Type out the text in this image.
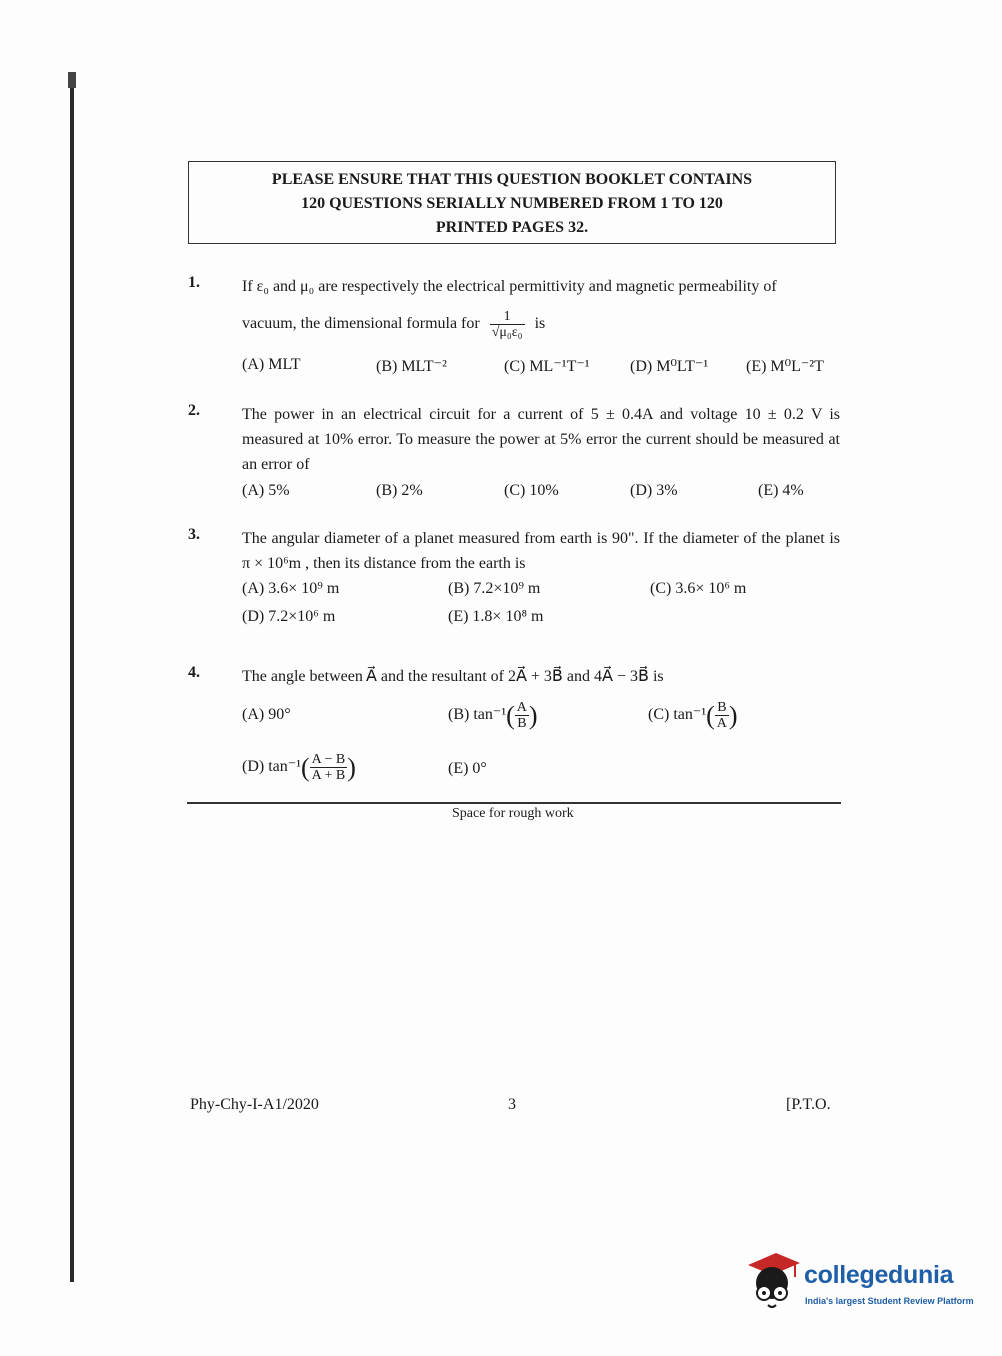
PLEASE ENSURE THAT THIS QUESTION BOOKLET CONTAINS
120 QUESTIONS SERIALLY NUMBERED FROM 1 TO 120
PRINTED PAGES 32.
1.	If ε₀ and μ₀ are respectively the electrical permittivity and magnetic permeability of
vacuum, the dimensional formula for $\frac{1}{\text{√μ₀ε₀}}$ is
(A) MLT	(B) MLT⁻²	(C) ML⁻¹T⁻¹	(D) M⁰LT⁻¹ (E) M⁰L⁻²T
2.	The power in an electrical circuit for a current of 5 ± 0.4A and voltage 10 ± 0.2 V is measured at 10% error. To measure the power at 5% error the current should be measured at an error of
(A) 5%	(B) 2%	(C) 10%	(D) 3%	(E) 4%
3.	The angular diameter of a planet measured from earth is 90". If the diameter of the planet is π × 10⁶m , then its distance from the earth is
(A) 3.6× 10⁹ m	(B) 7.2×10⁹ m	(C) 3.6× 10⁶ m
(D) 7.2×10⁶ m	(E) 1.8× 10⁸ m
4.	The angle between A⃗ and the resultant of 2A⃗ + 3B⃗ and 4A⃗ − 3B⃗ is
(A) 90°	(B) $\tan^{-1}( \frac{A}{B}$ )	(C) $\tan^{-1}( \frac{B}{A}$ )
(D) $\tan^{-1}( \frac{A - B}{A + B}$ )	(E) 0°
Space for rough work
Phy-Chy-I-A1/2020	3	[P.T.O.
collegedunia
India's largest Student Review Platform
